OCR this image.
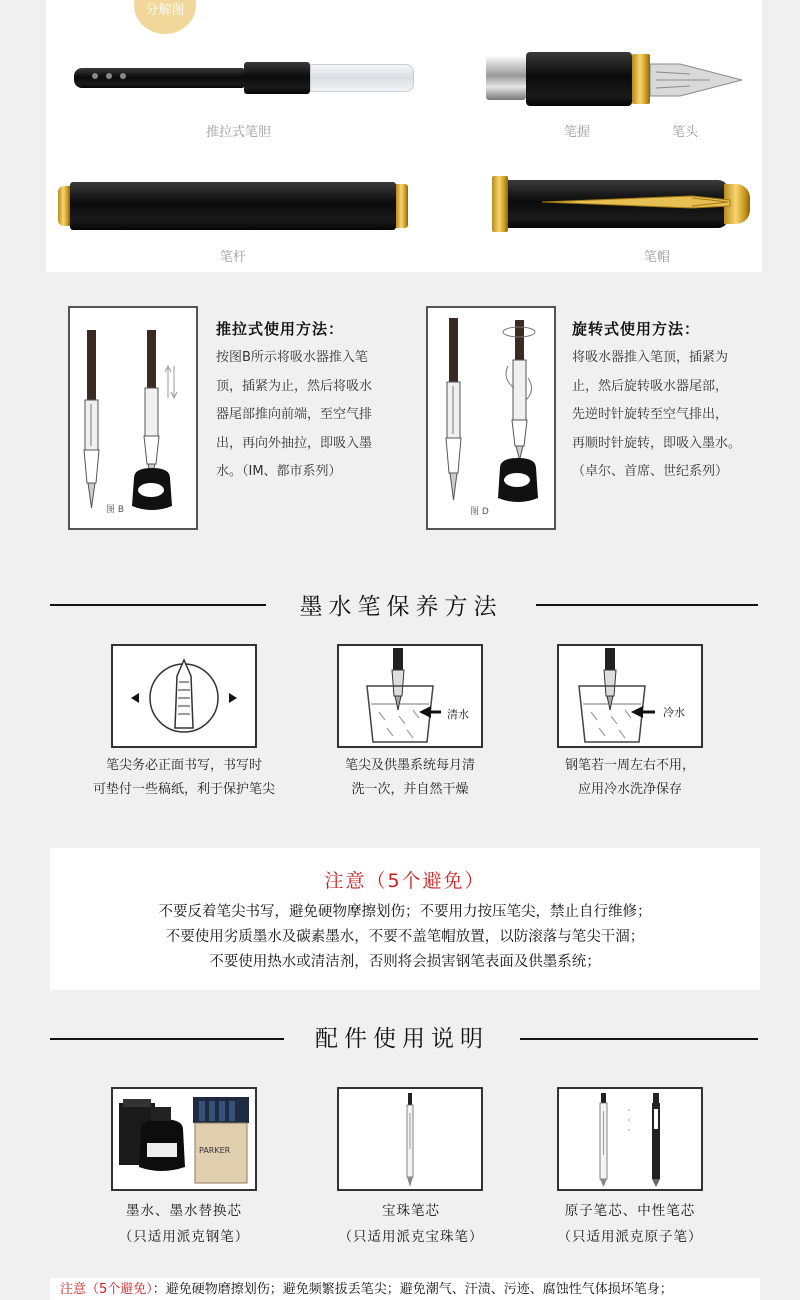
分解图
推拉式笔胆	笔握	笔头
笔杆	笔帽
图 B
推拉式使用方法：
按图B所示将吸水器推入笔
顶，插紧为止，然后将吸水
器尾部推向前端，至空气排
出，再向外抽拉，即吸入墨
水。（IM、都市系列）
图 D
旋转式使用方法：
将吸水器推入笔顶，插紧为
止，然后旋转吸水器尾部，
先逆时针旋转至空气排出，
再顺时针旋转，即吸入墨水。
（卓尔、首席、世纪系列）
墨水笔保养方法
笔尖务必正面书写，书写时
可垫付一些稿纸，利于保护笔尖
清水
笔尖及供墨系统每月清
洗一次，并自然干燥
冷水
钢笔若一周左右不用，
应用冷水洗净保存
注意（5个避免）
不要反着笔尖书写，避免硬物摩擦划伤；不要用力按压笔尖，禁止自行维修；
不要使用劣质墨水及碳素墨水，不要不盖笔帽放置，以防滚落与笔尖干涸；
不要使用热水或清洁剂，否则将会损害钢笔表面及供墨系统；
配件使用说明
PARKER
墨水、墨水替换芯
（只适用派克钢笔）
宝珠笔芯
（只适用派克宝珠笔）
原子笔芯、中性笔芯
（只适用派克原子笔）
注意（5个避免）：避免硬物磨擦划伤；避免频繁拔丢笔尖；避免潮气、汗渍、污迹、腐蚀性气体损坏笔身；
